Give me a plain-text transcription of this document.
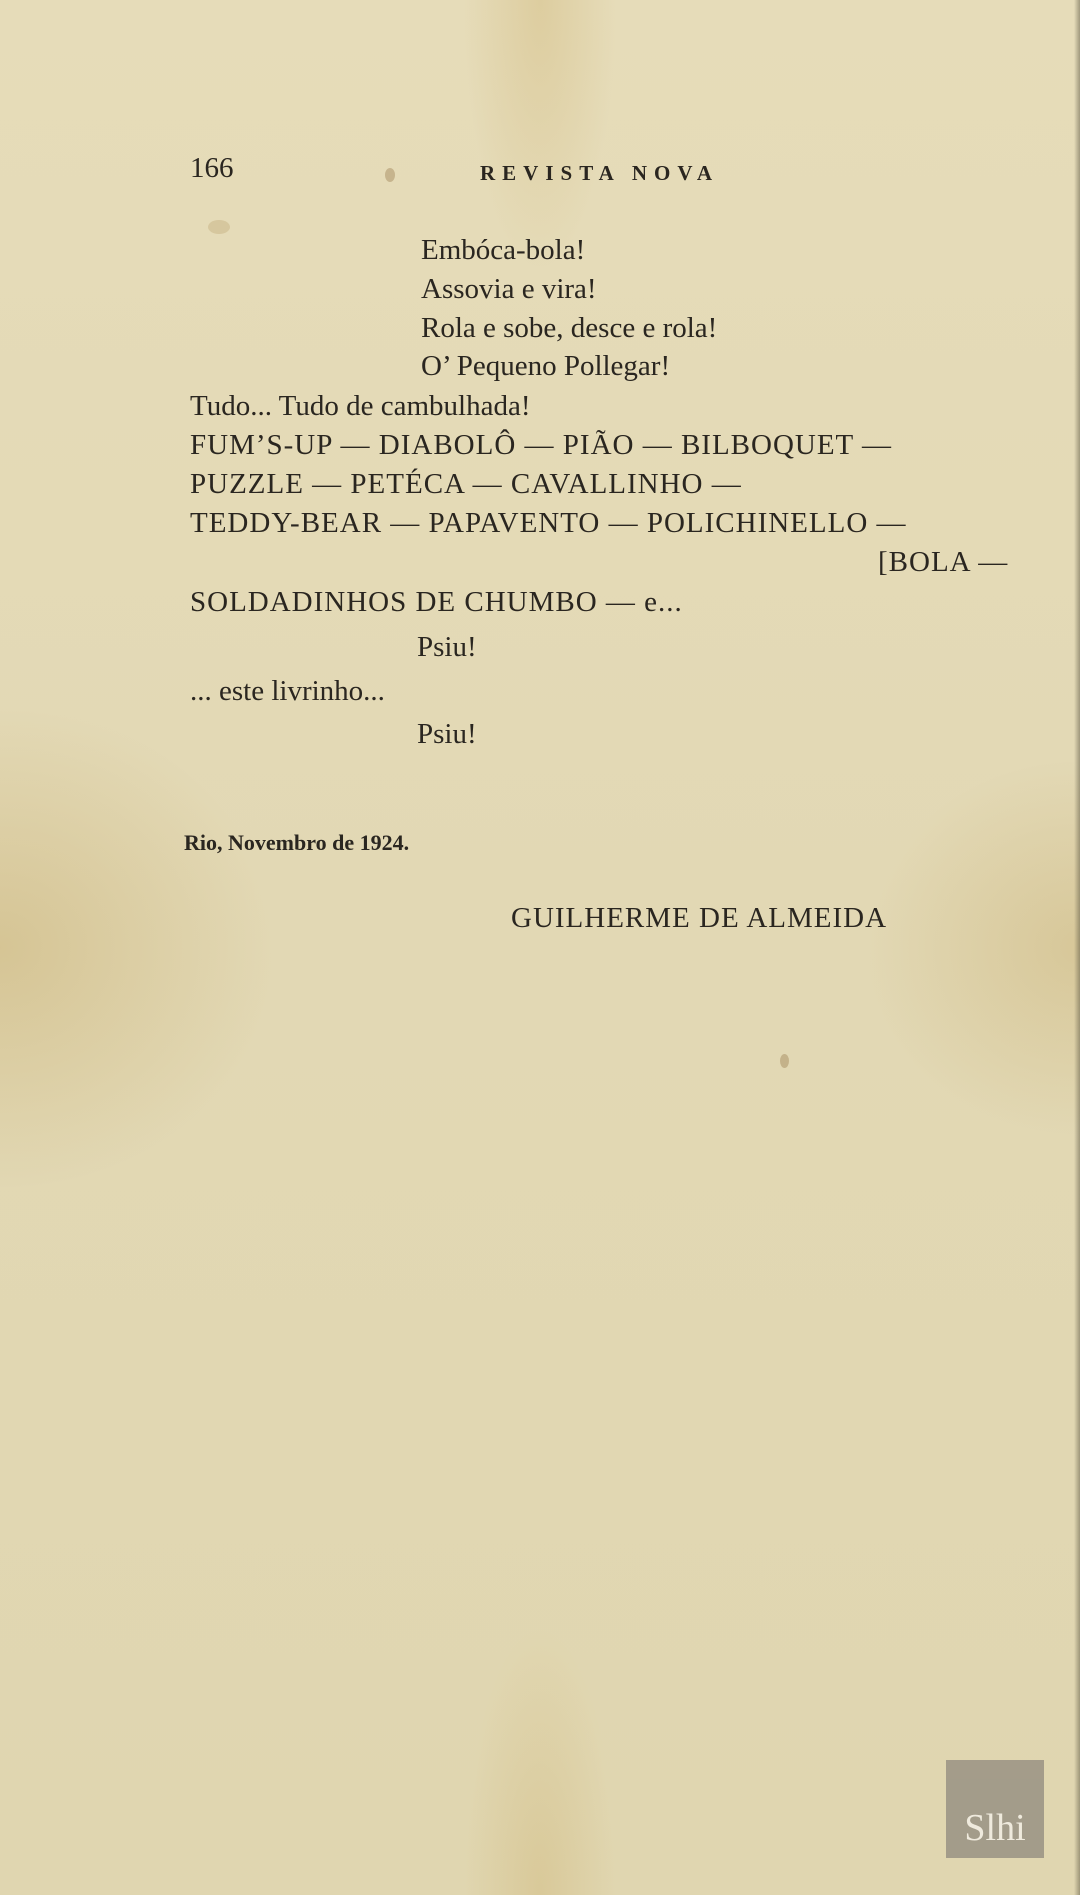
166	REVISTA NOVA
Embóca-bola!
Assovia e vira!
Rola e sobe, desce e rola!
O’ Pequeno Pollegar!
Tudo... Tudo de cambulhada!
FUM’S-UP — DIABOLÔ — PIÃO — BILBOQUET —
PUZZLE — PETÉCA — CAVALLINHO —
TEDDY-BEAR — PAPAVENTO — POLICHINELLO —
[BOLA —
SOLDADINHOS DE CHUMBO — e...
Psiu!
... este livrinho...
Psiu!
Rio, Novembro de 1924.
GUILHERME DE ALMEIDA
Slhi
